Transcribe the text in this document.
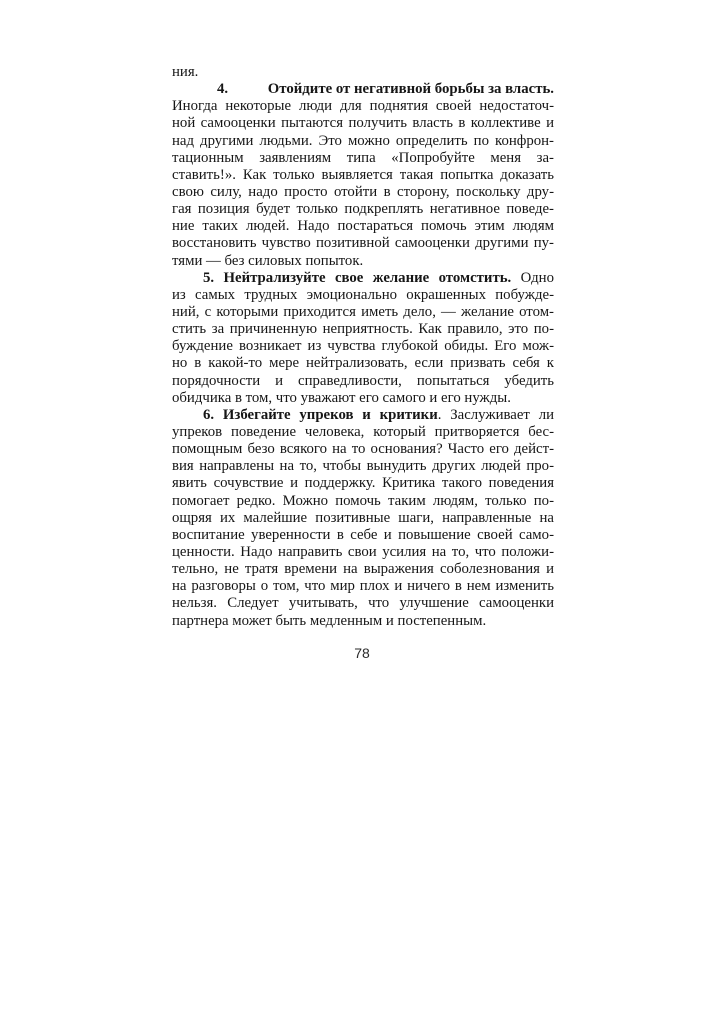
ния.
4.	Отойдите от негативной борьбы за власть.
Иногда некоторые люди для поднятия своей недостаточ-
ной самооценки пытаются получить власть в коллективе и
над другими людьми. Это можно определить по конфрон-
тационным заявлениям типа «Попробуйте меня за-
ставить!». Как только выявляется такая попытка доказать
свою силу, надо просто отойти в сторону, поскольку дру-
гая позиция будет только подкреплять негативное поведе-
ние таких людей. Надо постараться помочь этим людям
восстановить чувство позитивной самооценки другими пу-
тями — без силовых попыток.
5. Нейтрализуйте свое желание отомстить. Одно
из самых трудных эмоционально окрашенных побужде-
ний, с которыми приходится иметь дело, — желание отом-
стить за причиненную неприятность. Как правило, это по-
буждение возникает из чувства глубокой обиды. Его мож-
но в какой-то мере нейтрализовать, если призвать себя к
порядочности и справедливости, попытаться убедить
обидчика в том, что уважают его самого и его нужды.
6. Избегайте упреков и критики. Заслуживает ли
упреков поведение человека, который притворяется бес-
помощным безо всякого на то основания? Часто его дейст-
вия направлены на то, чтобы вынудить других людей про-
явить сочувствие и поддержку. Критика такого поведения
помогает редко. Можно помочь таким людям, только по-
ощряя их малейшие позитивные шаги, направленные на
воспитание уверенности в себе и повышение своей само-
ценности. Надо направить свои усилия на то, что положи-
тельно, не тратя времени на выражения соболезнования и
на разговоры о том, что мир плох и ничего в нем изменить
нельзя. Следует учитывать, что улучшение самооценки
партнера может быть медленным и постепенным.
78
